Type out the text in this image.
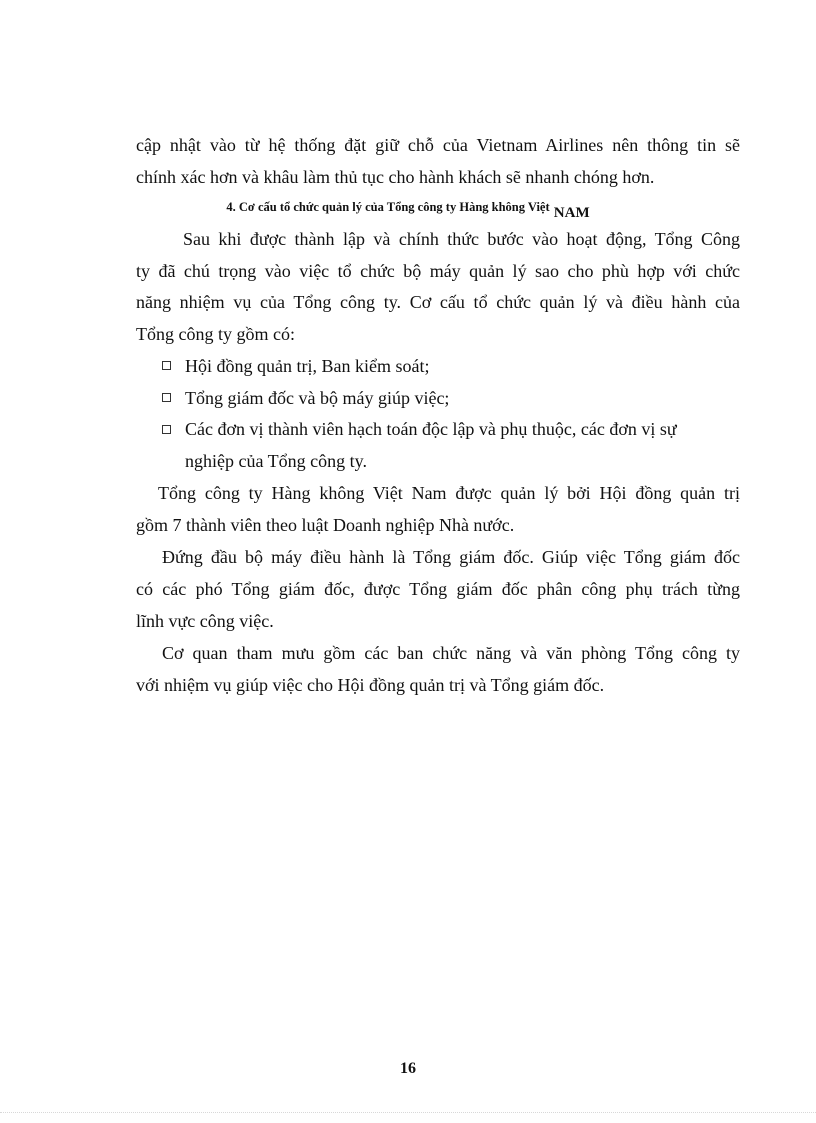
cập nhật vào từ hệ thống đặt giữ chỗ của Vietnam Airlines nên thông tin sẽ
chính xác hơn và khâu làm thủ tục cho hành khách sẽ nhanh chóng hơn.
4. Cơ cấu tổ chức quản lý của Tổng công ty Hàng không Việt NAM
Sau khi được thành lập và chính thức bước vào hoạt động, Tổng Công
ty đã chú trọng vào việc tổ chức bộ máy quản lý sao cho phù hợp với chức
năng nhiệm vụ của Tổng công ty. Cơ cấu tổ chức quản lý và điều hành của
Tổng công ty gồm có:
Hội đồng quản trị, Ban kiểm soát;
Tổng giám đốc và bộ máy giúp việc;
Các đơn vị thành viên hạch toán độc lập và phụ thuộc, các đơn vị sự
nghiệp của Tổng công ty.
Tổng công ty Hàng không Việt Nam được quản lý bởi Hội đồng quản trị
gồm 7 thành viên theo luật Doanh nghiệp Nhà nước.
Đứng đầu bộ máy điều hành là Tổng giám đốc. Giúp việc Tổng giám đốc
có các phó Tổng giám đốc, được Tổng giám đốc phân công phụ trách từng
lĩnh vực công việc.
Cơ quan tham mưu gồm các ban chức năng và văn phòng Tổng công ty
với nhiệm vụ giúp việc cho Hội đồng quản trị và Tổng giám đốc.
16
